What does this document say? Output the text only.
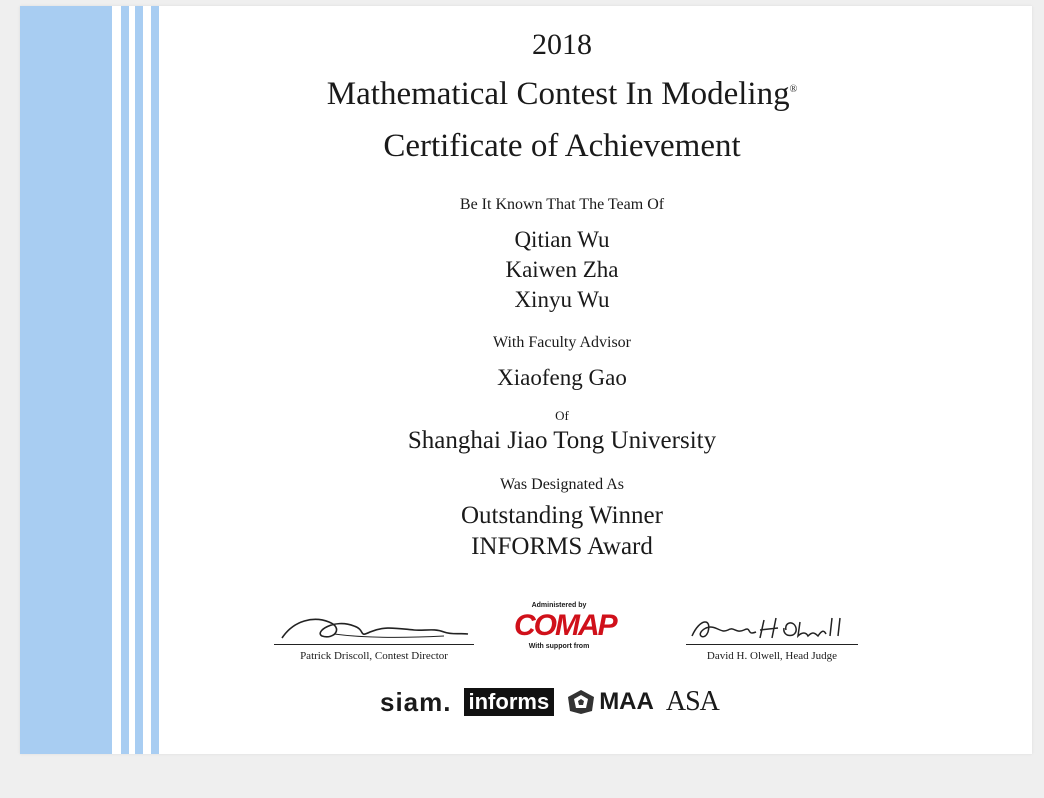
2018
Mathematical Contest In Modeling®
Certificate of Achievement
Be It Known That The Team Of
Qitian Wu
Kaiwen Zha
Xinyu Wu
With Faculty Advisor
Xiaofeng Gao
Of
Shanghai Jiao Tong University
Was Designated As
Outstanding Winner
INFORMS Award
Patrick Driscoll, Contest Director
Administered by
COMAP
With support from
David H. Olwell, Head Judge
siam. informs MAA ASA
